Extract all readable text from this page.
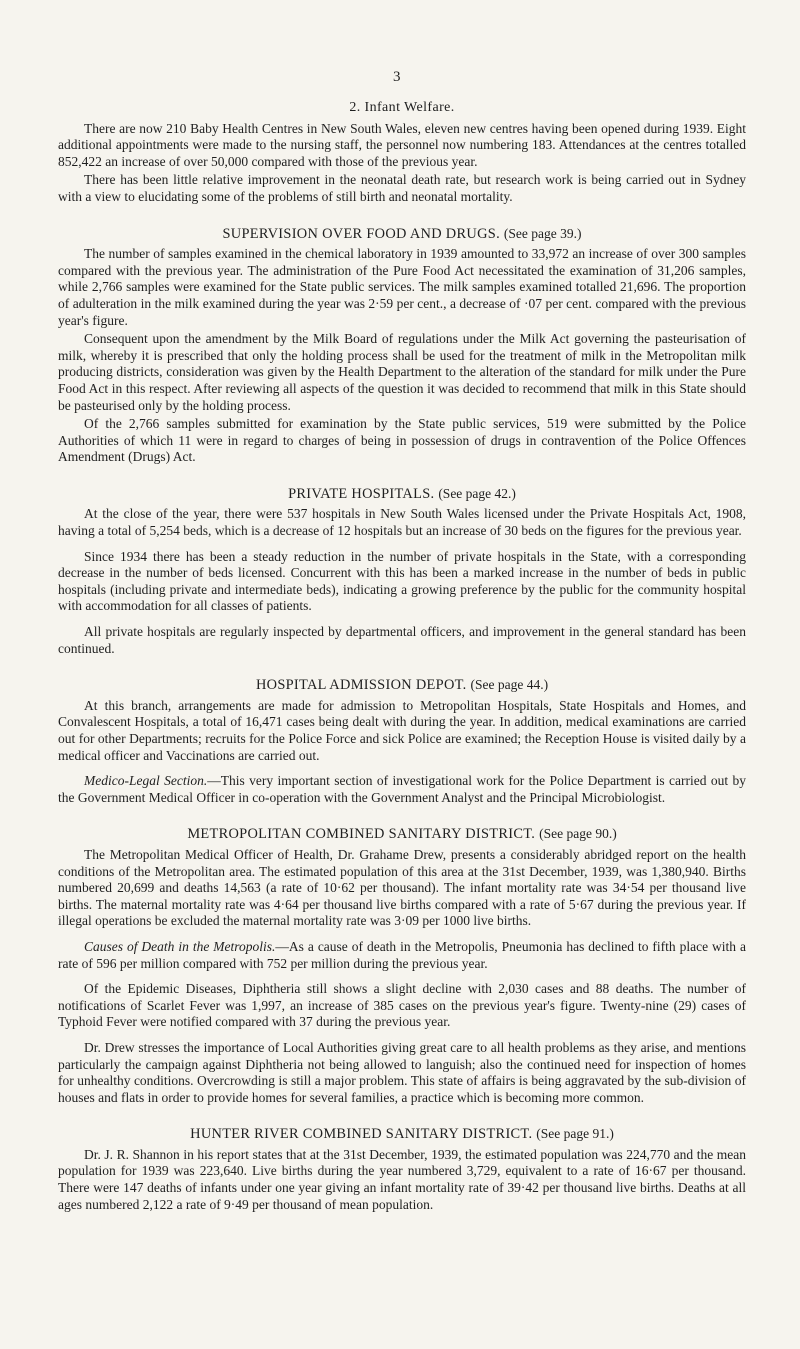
3
2. Infant Welfare.

There are now 210 Baby Health Centres in New South Wales, eleven new centres having been opened during 1939. Eight additional appointments were made to the nursing staff, the personnel now numbering 183. Attendances at the centres totalled 852,422 an increase of over 50,000 compared with those of the previous year.

There has been little relative improvement in the neonatal death rate, but research work is being carried out in Sydney with a view to elucidating some of the problems of still birth and neonatal mortality.

SUPERVISION OVER FOOD AND DRUGS. (See page 39.)

The number of samples examined in the chemical laboratory in 1939 amounted to 33,972 an increase of over 300 samples compared with the previous year. The administration of the Pure Food Act necessitated the examination of 31,206 samples, while 2,766 samples were examined for the State public services. The milk samples examined totalled 21,696. The proportion of adulteration in the milk examined during the year was 2·59 per cent., a decrease of ·07 per cent. compared with the previous year's figure.

Consequent upon the amendment by the Milk Board of regulations under the Milk Act governing the pasteurisation of milk, whereby it is prescribed that only the holding process shall be used for the treatment of milk in the Metropolitan milk producing districts, consideration was given by the Health Department to the alteration of the standard for milk under the Pure Food Act in this respect. After reviewing all aspects of the question it was decided to recommend that milk in this State should be pasteurised only by the holding process.

Of the 2,766 samples submitted for examination by the State public services, 519 were submitted by the Police Authorities of which 11 were in regard to charges of being in possession of drugs in contravention of the Police Offences Amendment (Drugs) Act.

PRIVATE HOSPITALS. (See page 42.)

At the close of the year, there were 537 hospitals in New South Wales licensed under the Private Hospitals Act, 1908, having a total of 5,254 beds, which is a decrease of 12 hospitals but an increase of 30 beds on the figures for the previous year.

Since 1934 there has been a steady reduction in the number of private hospitals in the State, with a corresponding decrease in the number of beds licensed. Concurrent with this has been a marked increase in the number of beds in public hospitals (including private and intermediate beds), indicating a growing preference by the public for the community hospital with accommodation for all classes of patients.

All private hospitals are regularly inspected by departmental officers, and improvement in the general standard has been continued.

HOSPITAL ADMISSION DEPOT. (See page 44.)

At this branch, arrangements are made for admission to Metropolitan Hospitals, State Hospitals and Homes, and Convalescent Hospitals, a total of 16,471 cases being dealt with during the year. In addition, medical examinations are carried out for other Departments; recruits for the Police Force and sick Police are examined; the Reception House is visited daily by a medical officer and Vaccinations are carried out.

Medico-Legal Section.—This very important section of investigational work for the Police Department is carried out by the Government Medical Officer in co-operation with the Government Analyst and the Principal Microbiologist.

METROPOLITAN COMBINED SANITARY DISTRICT. (See page 90.)

The Metropolitan Medical Officer of Health, Dr. Grahame Drew, presents a considerably abridged report on the health conditions of the Metropolitan area. The estimated population of this area at the 31st December, 1939, was 1,380,940. Births numbered 20,699 and deaths 14,563 (a rate of 10·62 per thousand). The infant mortality rate was 34·54 per thousand live births. The maternal mortality rate was 4·64 per thousand live births compared with a rate of 5·67 during the previous year. If illegal operations be excluded the maternal mortality rate was 3·09 per 1000 live births.

Causes of Death in the Metropolis.—As a cause of death in the Metropolis, Pneumonia has declined to fifth place with a rate of 596 per million compared with 752 per million during the previous year.

Of the Epidemic Diseases, Diphtheria still shows a slight decline with 2,030 cases and 88 deaths. The number of notifications of Scarlet Fever was 1,997, an increase of 385 cases on the previous year's figure. Twenty-nine (29) cases of Typhoid Fever were notified compared with 37 during the previous year.

Dr. Drew stresses the importance of Local Authorities giving great care to all health problems as they arise, and mentions particularly the campaign against Diphtheria not being allowed to languish; also the continued need for inspection of homes for unhealthy conditions. Overcrowding is still a major problem. This state of affairs is being aggravated by the sub-division of houses and flats in order to provide homes for several families, a practice which is becoming more common.

HUNTER RIVER COMBINED SANITARY DISTRICT. (See page 91.)

Dr. J. R. Shannon in his report states that at the 31st December, 1939, the estimated population was 224,770 and the mean population for 1939 was 223,640. Live births during the year numbered 3,729, equivalent to a rate of 16·67 per thousand. There were 147 deaths of infants under one year giving an infant mortality rate of 39·42 per thousand live births. Deaths at all ages numbered 2,122 a rate of 9·49 per thousand of mean population.
